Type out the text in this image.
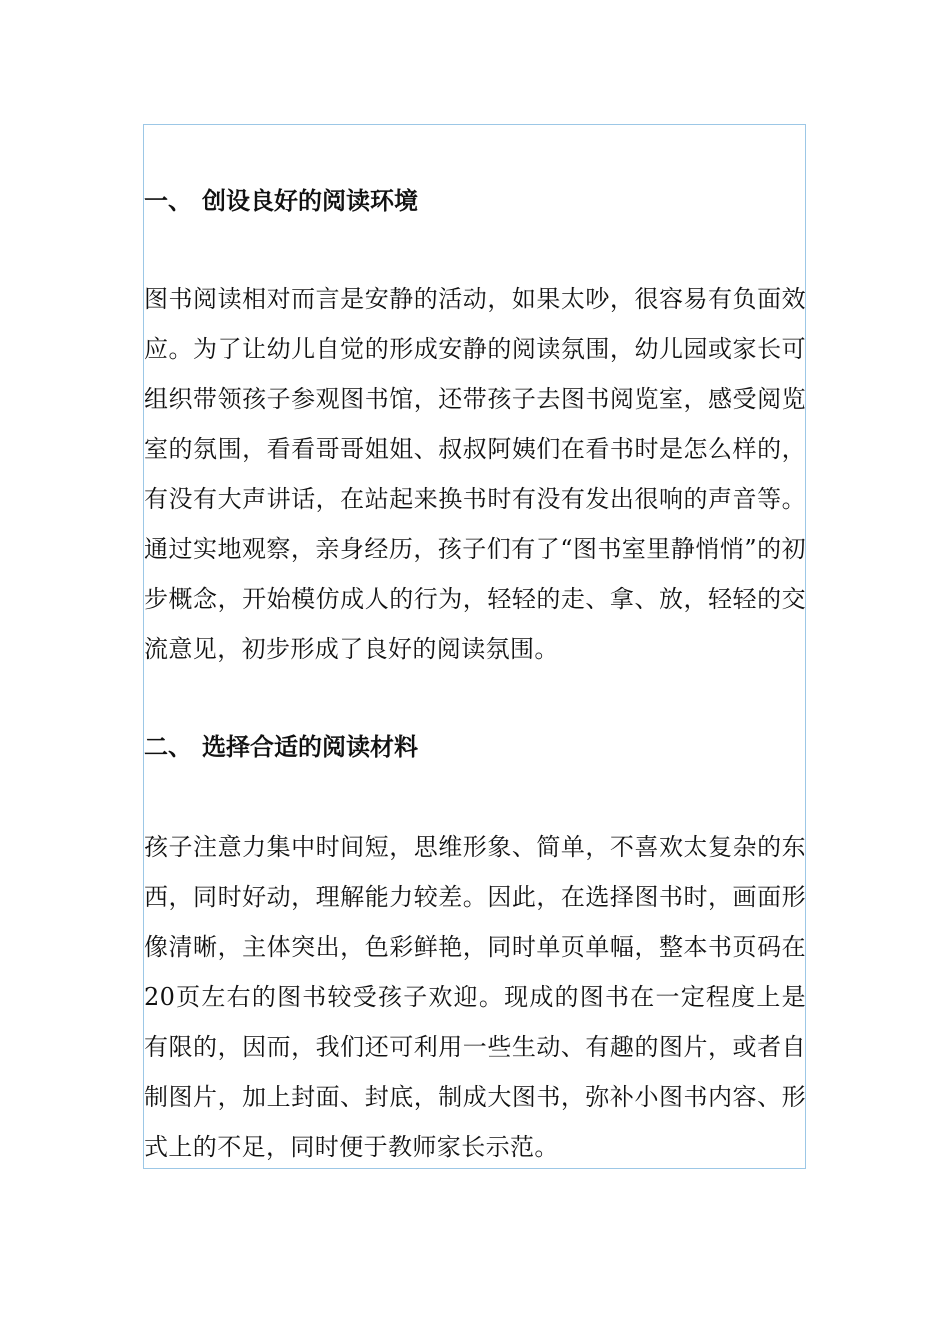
一、 创设良好的阅读环境

图书阅读相对而言是安静的活动，如果太吵，很容易有负面效应。为了让幼儿自觉的形成安静的阅读氛围，幼儿园或家长可组织带领孩子参观图书馆，还带孩子去图书阅览室，感受阅览室的氛围，看看哥哥姐姐、叔叔阿姨们在看书时是怎么样的，有没有大声讲话，在站起来换书时有没有发出很响的声音等。通过实地观察，亲身经历，孩子们有了“图书室里静悄悄”的初步概念，开始模仿成人的行为，轻轻的走、拿、放，轻轻的交流意见，初步形成了良好的阅读氛围。

二、 选择合适的阅读材料

孩子注意力集中时间短，思维形象、简单，不喜欢太复杂的东西，同时好动，理解能力较差。因此，在选择图书时，画面形像清晰，主体突出，色彩鲜艳，同时单页单幅，整本书页码在20页左右的图书较受孩子欢迎。现成的图书在一定程度上是有限的，因而，我们还可利用一些生动、有趣的图片，或者自制图片，加上封面、封底，制成大图书，弥补小图书内容、形式上的不足，同时便于教师家长示范。
